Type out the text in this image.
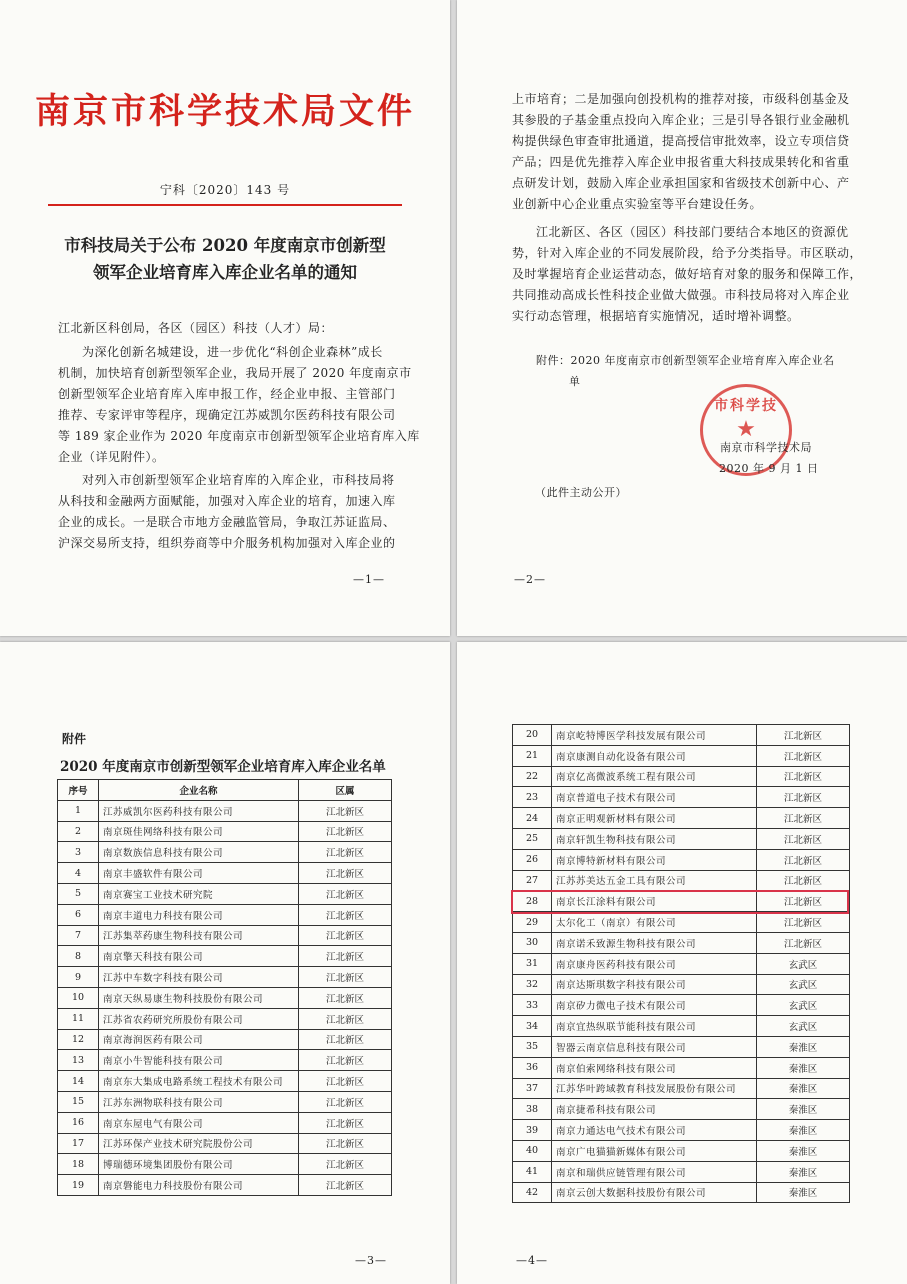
南京市科学技术局文件
宁科〔2020〕143 号
市科技局关于公布 2020 年度南京市创新型
领军企业培育库入库企业名单的通知
江北新区科创局，各区（园区）科技（人才）局：
为深化创新名城建设，进一步优化“科创企业森林”成长
机制，加快培育创新型领军企业，我局开展了 2020 年度南京市
创新型领军企业培育库入库申报工作，经企业申报、主管部门
推荐、专家评审等程序，现确定江苏威凯尔医药科技有限公司
等 189 家企业作为 2020 年度南京市创新型领军企业培育库入库
企业（详见附件）。
对列入市创新型领军企业培育库的入库企业，市科技局将
从科技和金融两方面赋能，加强对入库企业的培育，加速入库
企业的成长。一是联合市地方金融监管局，争取江苏证监局、
沪深交易所支持，组织券商等中介服务机构加强对入库企业的
—1—
上市培育；二是加强向创投机构的推荐对接，市级科创基金及
其参股的子基金重点投向入库企业；三是引导各银行业金融机
构提供绿色审查审批通道，提高授信审批效率，设立专项信贷
产品；四是优先推荐入库企业申报省重大科技成果转化和省重
点研发计划，鼓励入库企业承担国家和省级技术创新中心、产
业创新中心企业重点实验室等平台建设任务。
江北新区、各区（园区）科技部门要结合本地区的资源优
势，针对入库企业的不同发展阶段，给予分类指导。市区联动，
及时掌握培育企业运营动态，做好培育对象的服务和保障工作，
共同推动高成长性科技企业做大做强。市科技局将对入库企业
实行动态管理，根据培育实施情况，适时增补调整。
附件：2020 年度南京市创新型领军企业培育库入库企业名
单
市科学技
★
南京市科学技术局
2020 年 9 月 1 日
（此件主动公开）
—2—
附件
2020 年度南京市创新型领军企业培育库入库企业名单
序号	企业名称	区属
1	江苏威凯尔医药科技有限公司	江北新区
2	南京斑佳网络科技有限公司	江北新区
3	南京数族信息科技有限公司	江北新区
4	南京丰盛软件有限公司	江北新区
5	南京赛宝工业技术研究院	江北新区
6	南京丰道电力科技有限公司	江北新区
7	江苏集萃药康生物科技有限公司	江北新区
8	南京擎天科技有限公司	江北新区
9	江苏中车数字科技有限公司	江北新区
10	南京天纵易康生物科技股份有限公司	江北新区
11	江苏省农药研究所股份有限公司	江北新区
12	南京海润医药有限公司	江北新区
13	南京小牛智能科技有限公司	江北新区
14	南京东大集成电路系统工程技术有限公司	江北新区
15	江苏东洲物联科技有限公司	江北新区
16	南京东屋电气有限公司	江北新区
17	江苏环保产业技术研究院股份公司	江北新区
18	博瑞德环境集团股份有限公司	江北新区
19	南京磐能电力科技股份有限公司	江北新区
—3—
20	南京屹特博医学科技发展有限公司	江北新区
21	南京康测自动化设备有限公司	江北新区
22	南京亿高微波系统工程有限公司	江北新区
23	南京普道电子技术有限公司	江北新区
24	南京正明观新材料有限公司	江北新区
25	南京轩凯生物科技有限公司	江北新区
26	南京博特新材料有限公司	江北新区
27	江苏苏美达五金工具有限公司	江北新区
28	南京长江涂料有限公司	江北新区
29	太尔化工（南京）有限公司	江北新区
30	南京诺禾致源生物科技有限公司	江北新区
31	南京康舟医药科技有限公司	玄武区
32	南京达斯琪数字科技有限公司	玄武区
33	南京矽力微电子技术有限公司	玄武区
34	南京宜热纵联节能科技有限公司	玄武区
35	智器云南京信息科技有限公司	秦淮区
36	南京伯索网络科技有限公司	秦淮区
37	江苏华叶跨域教育科技发展股份有限公司	秦淮区
38	南京捷希科技有限公司	秦淮区
39	南京力通达电气技术有限公司	秦淮区
40	南京广电猫猫新媒体有限公司	秦淮区
41	南京和瑞供应链管理有限公司	秦淮区
42	南京云创大数据科技股份有限公司	秦淮区
—4—
